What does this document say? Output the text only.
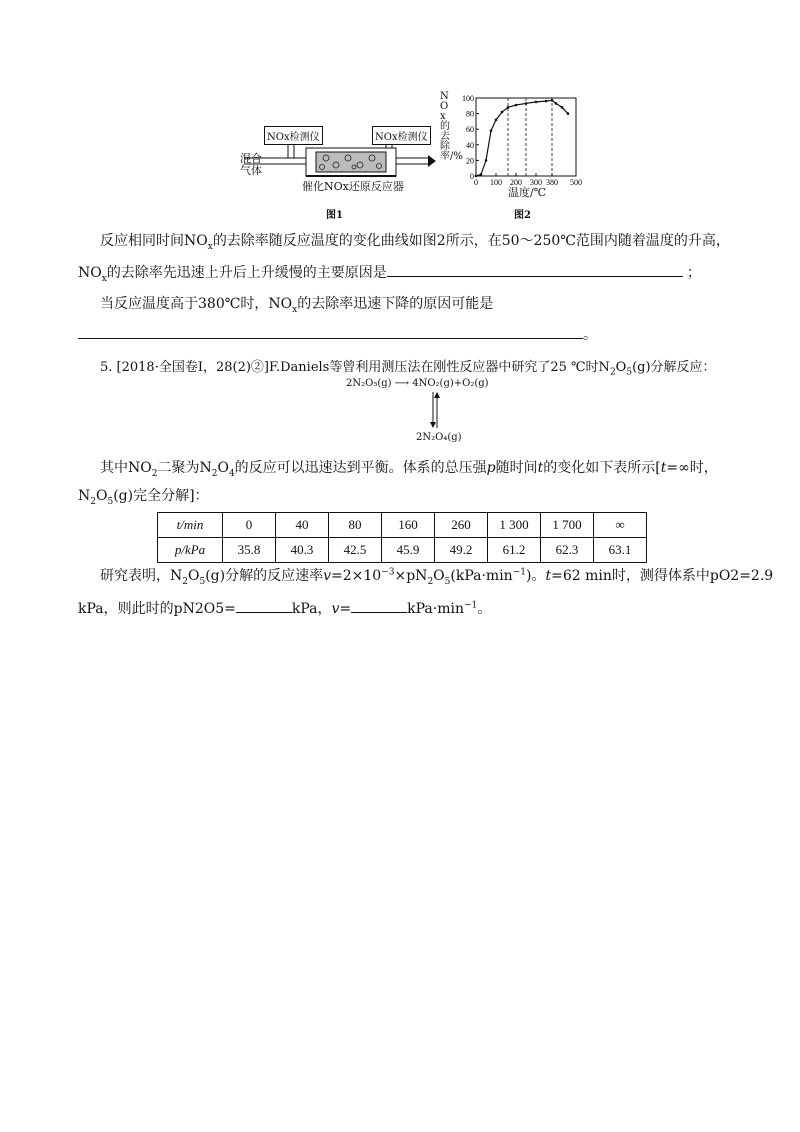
NOx检测仪	NOx检测仪
混合
气体
催化NOx还原反应器
图1
0
20
40
60
80
100
0 100 200 300 380 500
NOx的去除率/%
温度/℃
图2
反应相同时间$NO_x$的去除率随反应温度的变化曲线如图2所示，在50～250℃范围内随着温度的升高，
$NO_x$的去除率先迅速上升后上升缓慢的主要原因是	；
当反应温度高于380℃时，$NO_x$的去除率迅速下降的原因可能是
。
5. [2018·全国卷Ⅰ，28(2)②]F.Daniels等曾利用测压法在刚性反应器中研究了25 ℃时$N_2O_5(g)$分解反应：
2N₂O₅(g) ⟶ 4NO₂(g)+O₂(g)
2N₂O₄(g)
其中$NO_2$二聚为$N_2O_4$的反应可以迅速达到平衡。体系的总压强p随时间t的变化如下表所示[t=∞时，
$N_2O_5(g)$完全分解]：
t/min	0	40	80	160	260	1 300	1 700	∞
p/kPa	35.8	40.3	42.5	45.9	49.2	61.2	62.3	63.1
研究表明，$N_2O_5(g)$分解的反应速率$v=2\times 10^{-3}\times pN_2O_5(kPa\cdot\min^{-1})$。t=62 min时，测得体系中pO2=2.9
kPa，则此时的pN2O5=	kPa，v=	$kPa\cdot\min^{-1}$。
